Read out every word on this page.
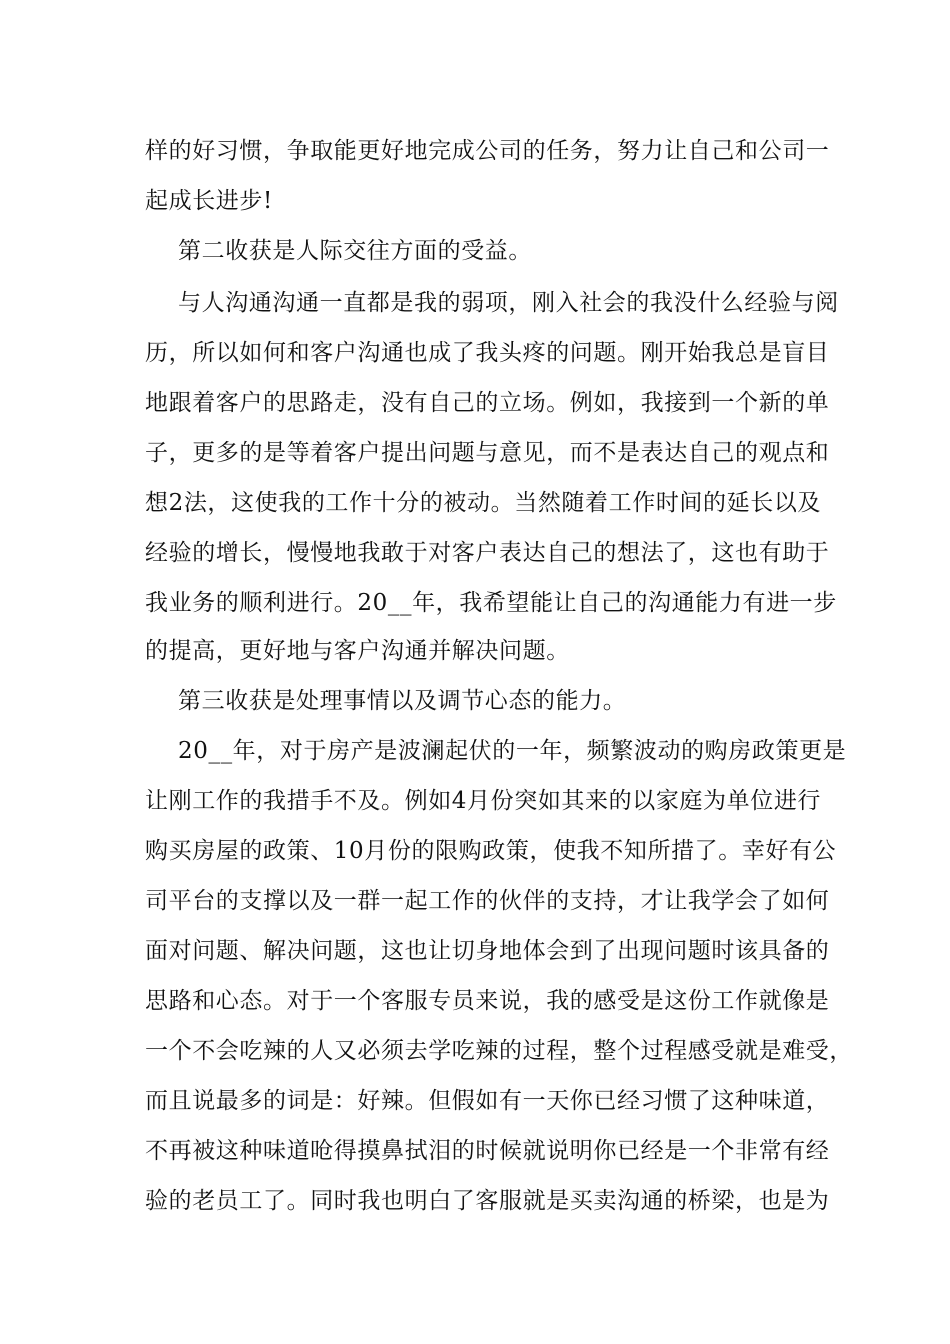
样的好习惯，争取能更好地完成公司的任务，努力让自己和公司一
起成长进步!
第二收获是人际交往方面的受益。
与人沟通沟通一直都是我的弱项，刚入社会的我没什么经验与阅
历，所以如何和客户沟通也成了我头疼的问题。刚开始我总是盲目
地跟着客户的思路走，没有自己的立场。例如，我接到一个新的单
子，更多的是等着客户提出问题与意见，而不是表达自己的观点和
想2法，这使我的工作十分的被动。当然随着工作时间的延长以及
经验的增长，慢慢地我敢于对客户表达自己的想法了，这也有助于
我业务的顺利进行。20__年，我希望能让自己的沟通能力有进一步
的提高，更好地与客户沟通并解决问题。
第三收获是处理事情以及调节心态的能力。
20__年，对于房产是波澜起伏的一年，频繁波动的购房政策更是
让刚工作的我措手不及。例如4月份突如其来的以家庭为单位进行
购买房屋的政策、10月份的限购政策，使我不知所措了。幸好有公
司平台的支撑以及一群一起工作的伙伴的支持，才让我学会了如何
面对问题、解决问题，这也让切身地体会到了出现问题时该具备的
思路和心态。对于一个客服专员来说，我的感受是这份工作就像是
一个不会吃辣的人又必须去学吃辣的过程，整个过程感受就是难受，
而且说最多的词是：好辣。但假如有一天你已经习惯了这种味道，
不再被这种味道呛得摸鼻拭泪的时候就说明你已经是一个非常有经
验的老员工了。同时我也明白了客服就是买卖沟通的桥梁，也是为
